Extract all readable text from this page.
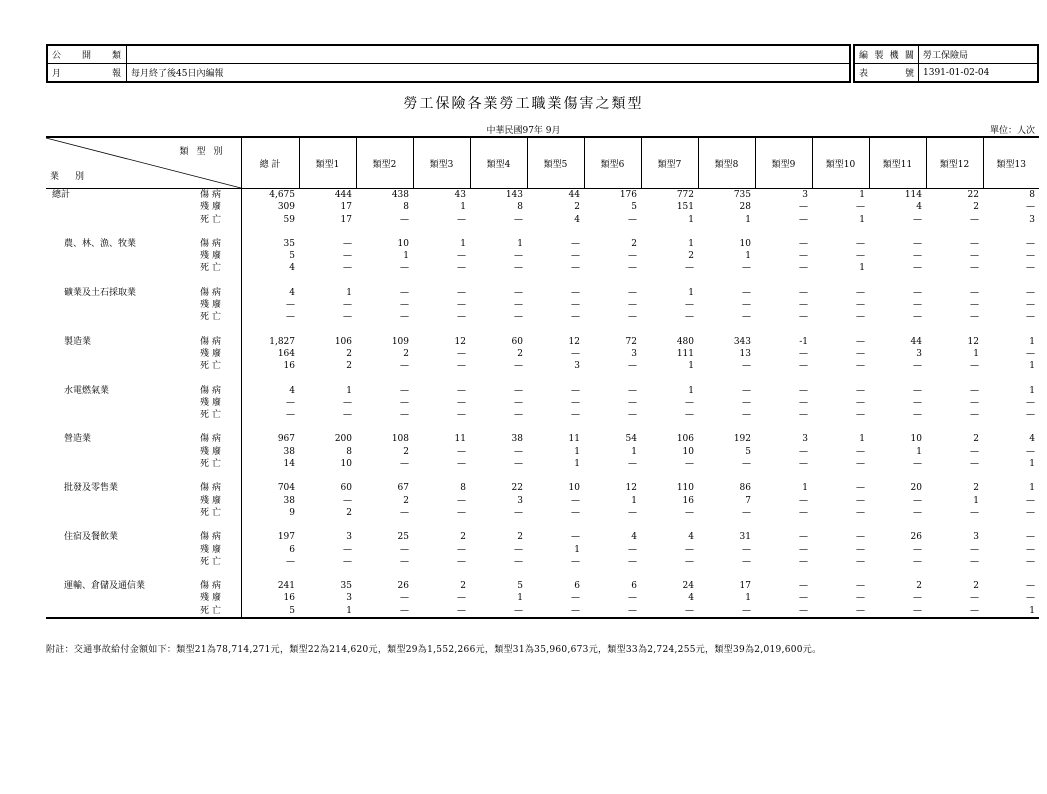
公開類	
月報	每月終了後45日內編報
編製機關	勞工保險局
表號	1391-01-02-04
勞工保險各業勞工職業傷害之類型
中華民國97年 9月	單位：人次
類型別
業別		總 計	類型1	類型2	類型3	類型4	類型5	類型6	類型7	類型8	類型9	類型10	類型11	類型12	類型13
總計	傷病	4,675	444	438	43	143	44	176	772	735	3	1	114	22	8
	殘廢	309	17	8	1	8	2	5	151	28	—	—	4	2	—
	死亡	59	17	—	—	—	4	—	1	1	—	1	—	—	3

農、林、漁、牧業	傷病	35	—	10	1	1	—	2	1	10	—	—	—	—	—
	殘廢	5	—	1	—	—	—	—	2	1	—	—	—	—	—
	死亡	4	—	—	—	—	—	—	—	—	—	1	—	—	—

礦業及土石採取業	傷病	4	1	—	—	—	—	—	1	—	—	—	—	—	—
	殘廢	—	—	—	—	—	—	—	—	—	—	—	—	—	—
	死亡	—	—	—	—	—	—	—	—	—	—	—	—	—	—

製造業	傷病	1,827	106	109	12	60	12	72	480	343	-1	—	44	12	1
	殘廢	164	2	2	—	2	—	3	111	13	—	—	3	1	—
	死亡	16	2	—	—	—	3	—	1	—	—	—	—	—	1

水電燃氣業	傷病	4	1	—	—	—	—	—	1	—	—	—	—	—	1
	殘廢	—	—	—	—	—	—	—	—	—	—	—	—	—	—
	死亡	—	—	—	—	—	—	—	—	—	—	—	—	—	—

營造業	傷病	967	200	108	11	38	11	54	106	192	3	1	10	2	4
	殘廢	38	8	2	—	—	1	1	10	5	—	—	1	—	—
	死亡	14	10	—	—	—	1	—	—	—	—	—	—	—	1

批發及零售業	傷病	704	60	67	8	22	10	12	110	86	1	—	20	2	1
	殘廢	38	—	2	—	3	—	1	16	7	—	—	—	1	—
	死亡	9	2	—	—	—	—	—	—	—	—	—	—	—	—

住宿及餐飲業	傷病	197	3	25	2	2	—	4	4	31	—	—	26	3	—
	殘廢	6	—	—	—	—	1	—	—	—	—	—	—	—	—
	死亡	—	—	—	—	—	—	—	—	—	—	—	—	—	—

運輸、倉儲及通信業	傷病	241	35	26	2	5	6	6	24	17	—	—	2	2	—
	殘廢	16	3	—	—	1	—	—	4	1	—	—	—	—	—
	死亡	5	1	—	—	—	—	—	—	—	—	—	—	—	1
附註：交通事故給付金額如下：類型21為78,714,271元，類型22為214,620元，類型29為1,552,266元，類型31為35,960,673元，類型33為2,724,255元，類型39為2,019,600元。
